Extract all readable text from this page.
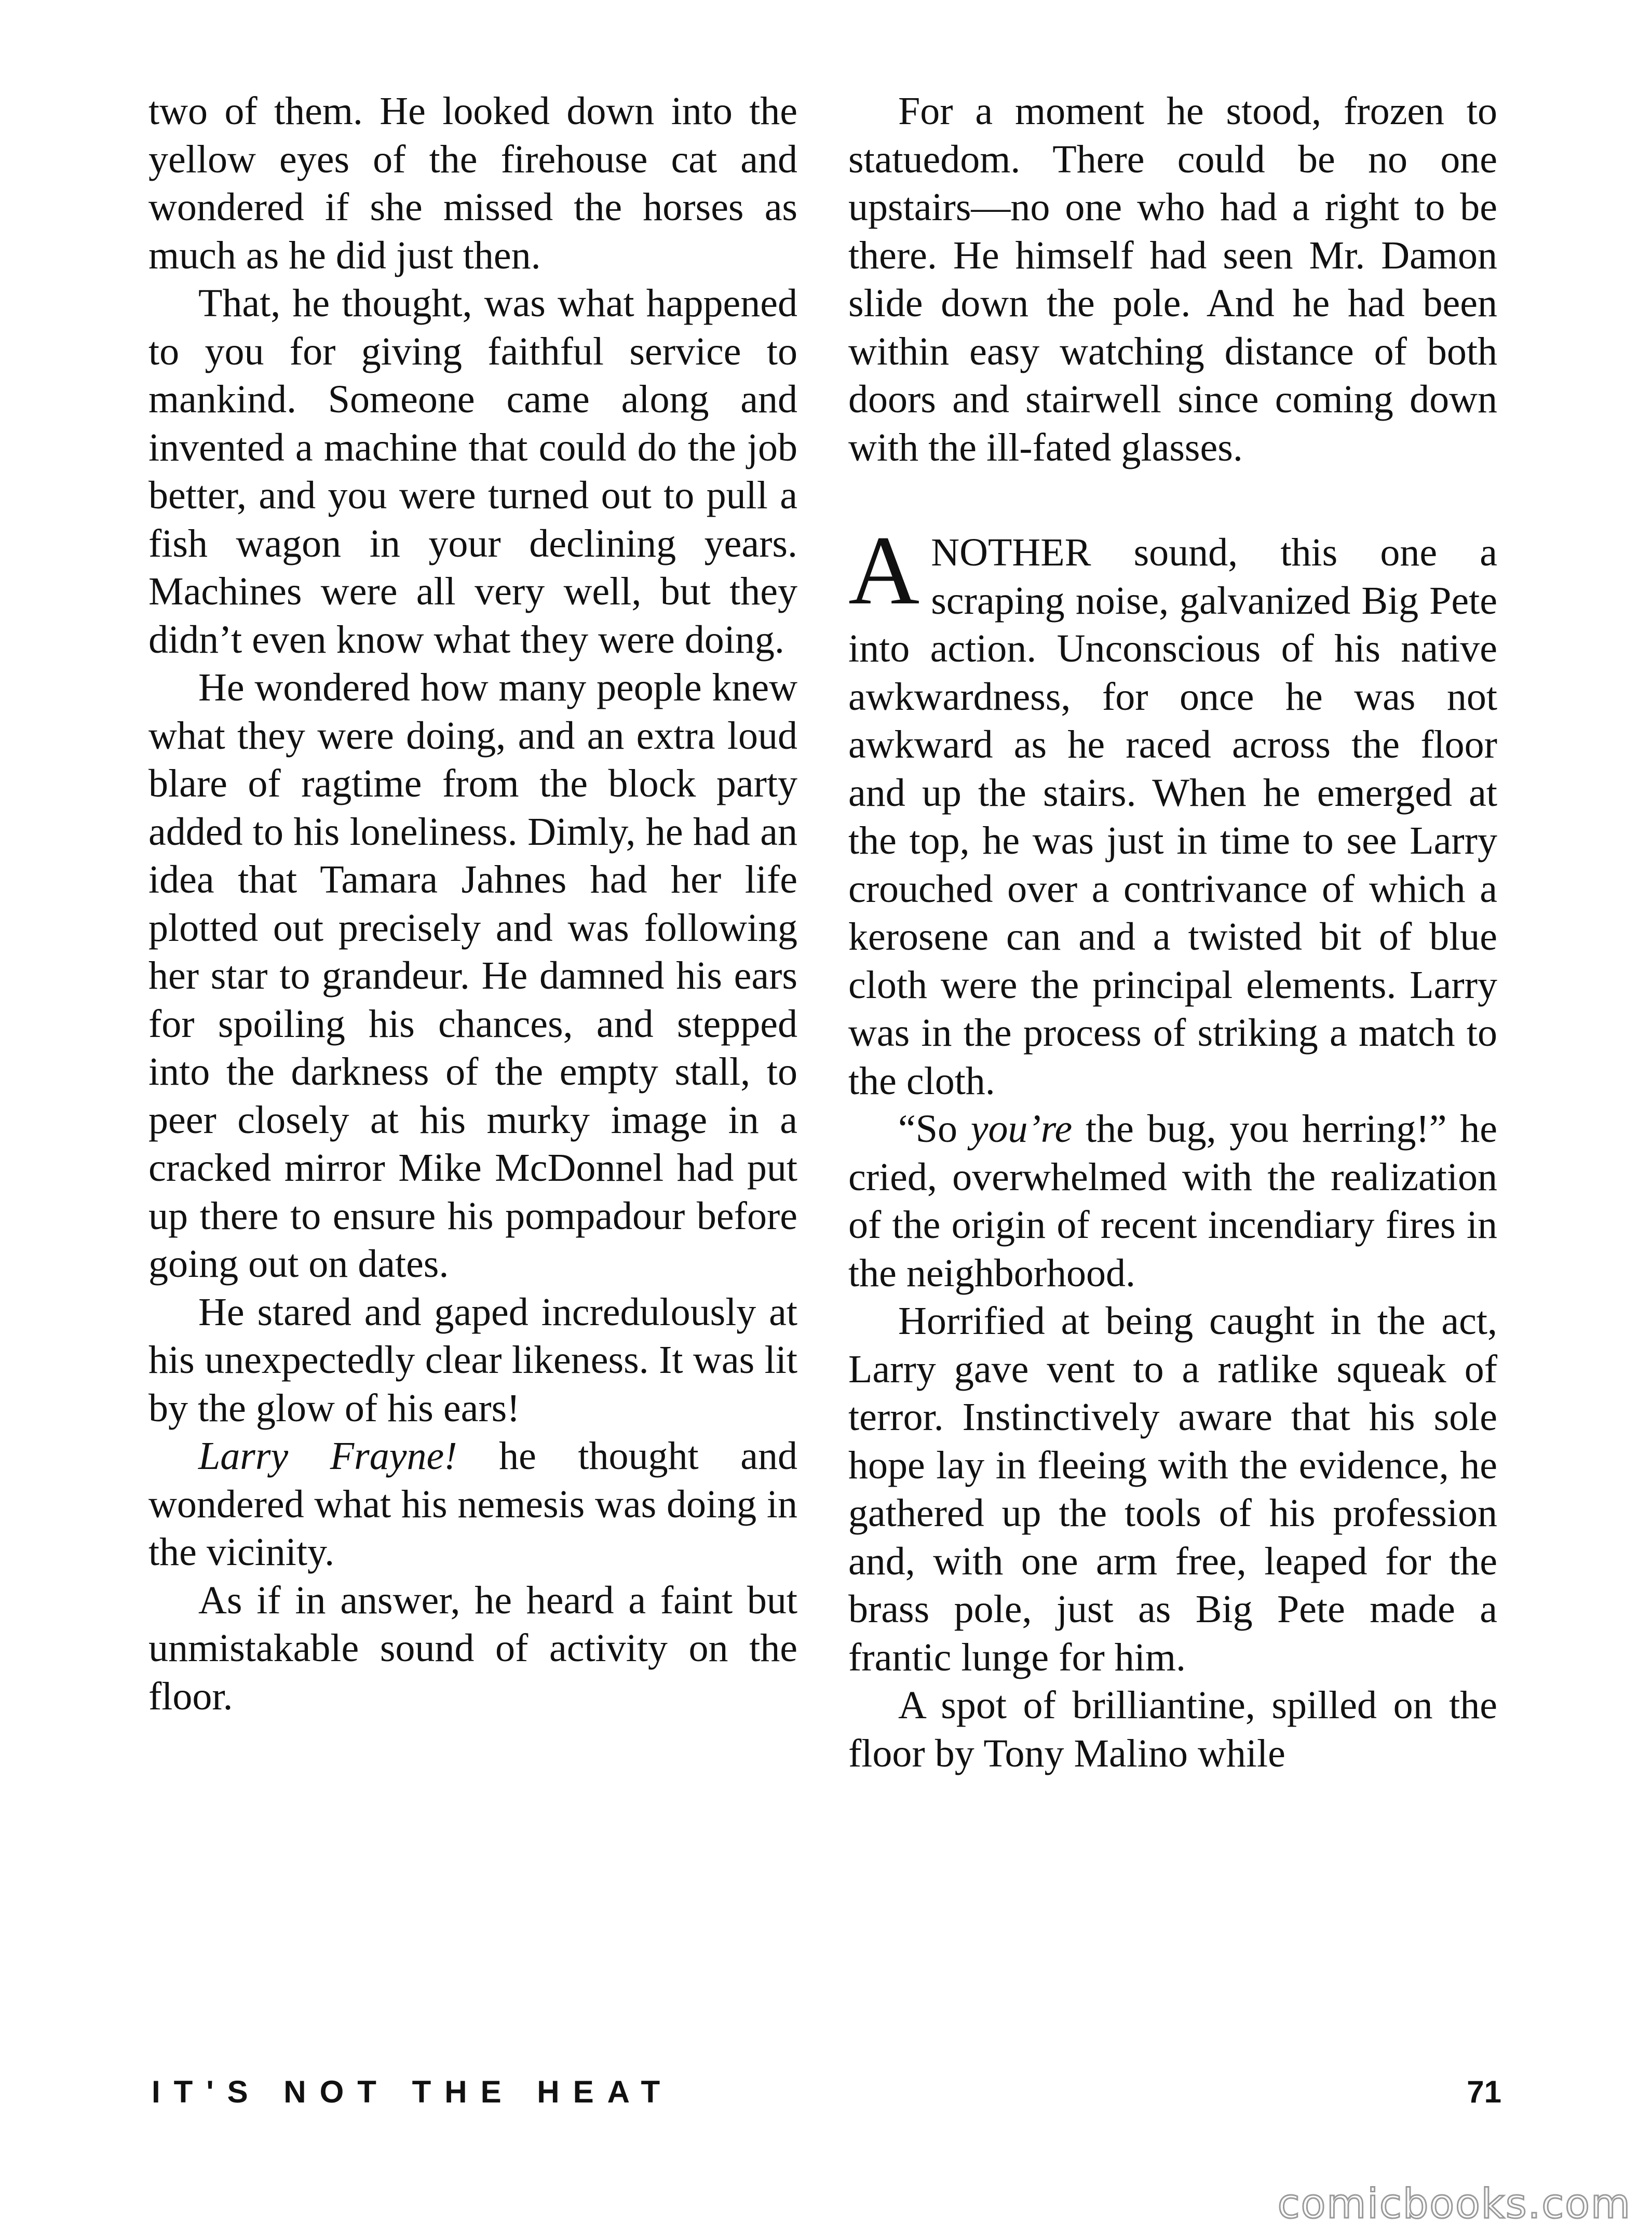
two of them. He looked down into the yellow eyes of the firehouse cat and wondered if she missed the horses as much as he did just then.

That, he thought, was what happened to you for giving faithful service to mankind. Someone came along and invented a machine that could do the job better, and you were turned out to pull a fish wagon in your declining years. Machines were all very well, but they didn’t even know what they were doing.

He wondered how many people knew what they were doing, and an extra loud blare of ragtime from the block party added to his loneliness. Dimly, he had an idea that Tamara Jahnes had her life plotted out precisely and was following her star to grandeur. He damned his ears for spoiling his chances, and stepped into the darkness of the empty stall, to peer closely at his murky image in a cracked mirror Mike McDonnel had put up there to ensure his pompadour before going out on dates.

He stared and gaped incredulously at his unexpectedly clear likeness. It was lit by the glow of his ears!

Larry Frayne! he thought and wondered what his nemesis was doing in the vicinity.

As if in answer, he heard a faint but unmistakable sound of activity on the floor.

For a moment he stood, frozen to statuedom. There could be no one upstairs—no one who had a right to be there. He himself had seen Mr. Damon slide down the pole. And he had been within easy watching distance of both doors and stairwell since coming down with the ill-fated glasses.

ANOTHER sound, this one a scraping noise, galvanized Big Pete into action. Unconscious of his native awkwardness, for once he was not awkward as he raced across the floor and up the stairs. When he emerged at the top, he was just in time to see Larry crouched over a contrivance of which a kerosene can and a twisted bit of blue cloth were the principal elements. Larry was in the process of striking a match to the cloth.

“So you’re the bug, you herring!” he cried, overwhelmed with the realization of the origin of recent incendiary fires in the neighborhood.

Horrified at being caught in the act, Larry gave vent to a ratlike squeak of terror. Instinctively aware that his sole hope lay in fleeing with the evidence, he gathered up the tools of his profession and, with one arm free, leaped for the brass pole, just as Big Pete made a frantic lunge for him.

A spot of brilliantine, spilled on the floor by Tony Malino while

IT'S NOT THE HEAT	71
comicbooks.com
